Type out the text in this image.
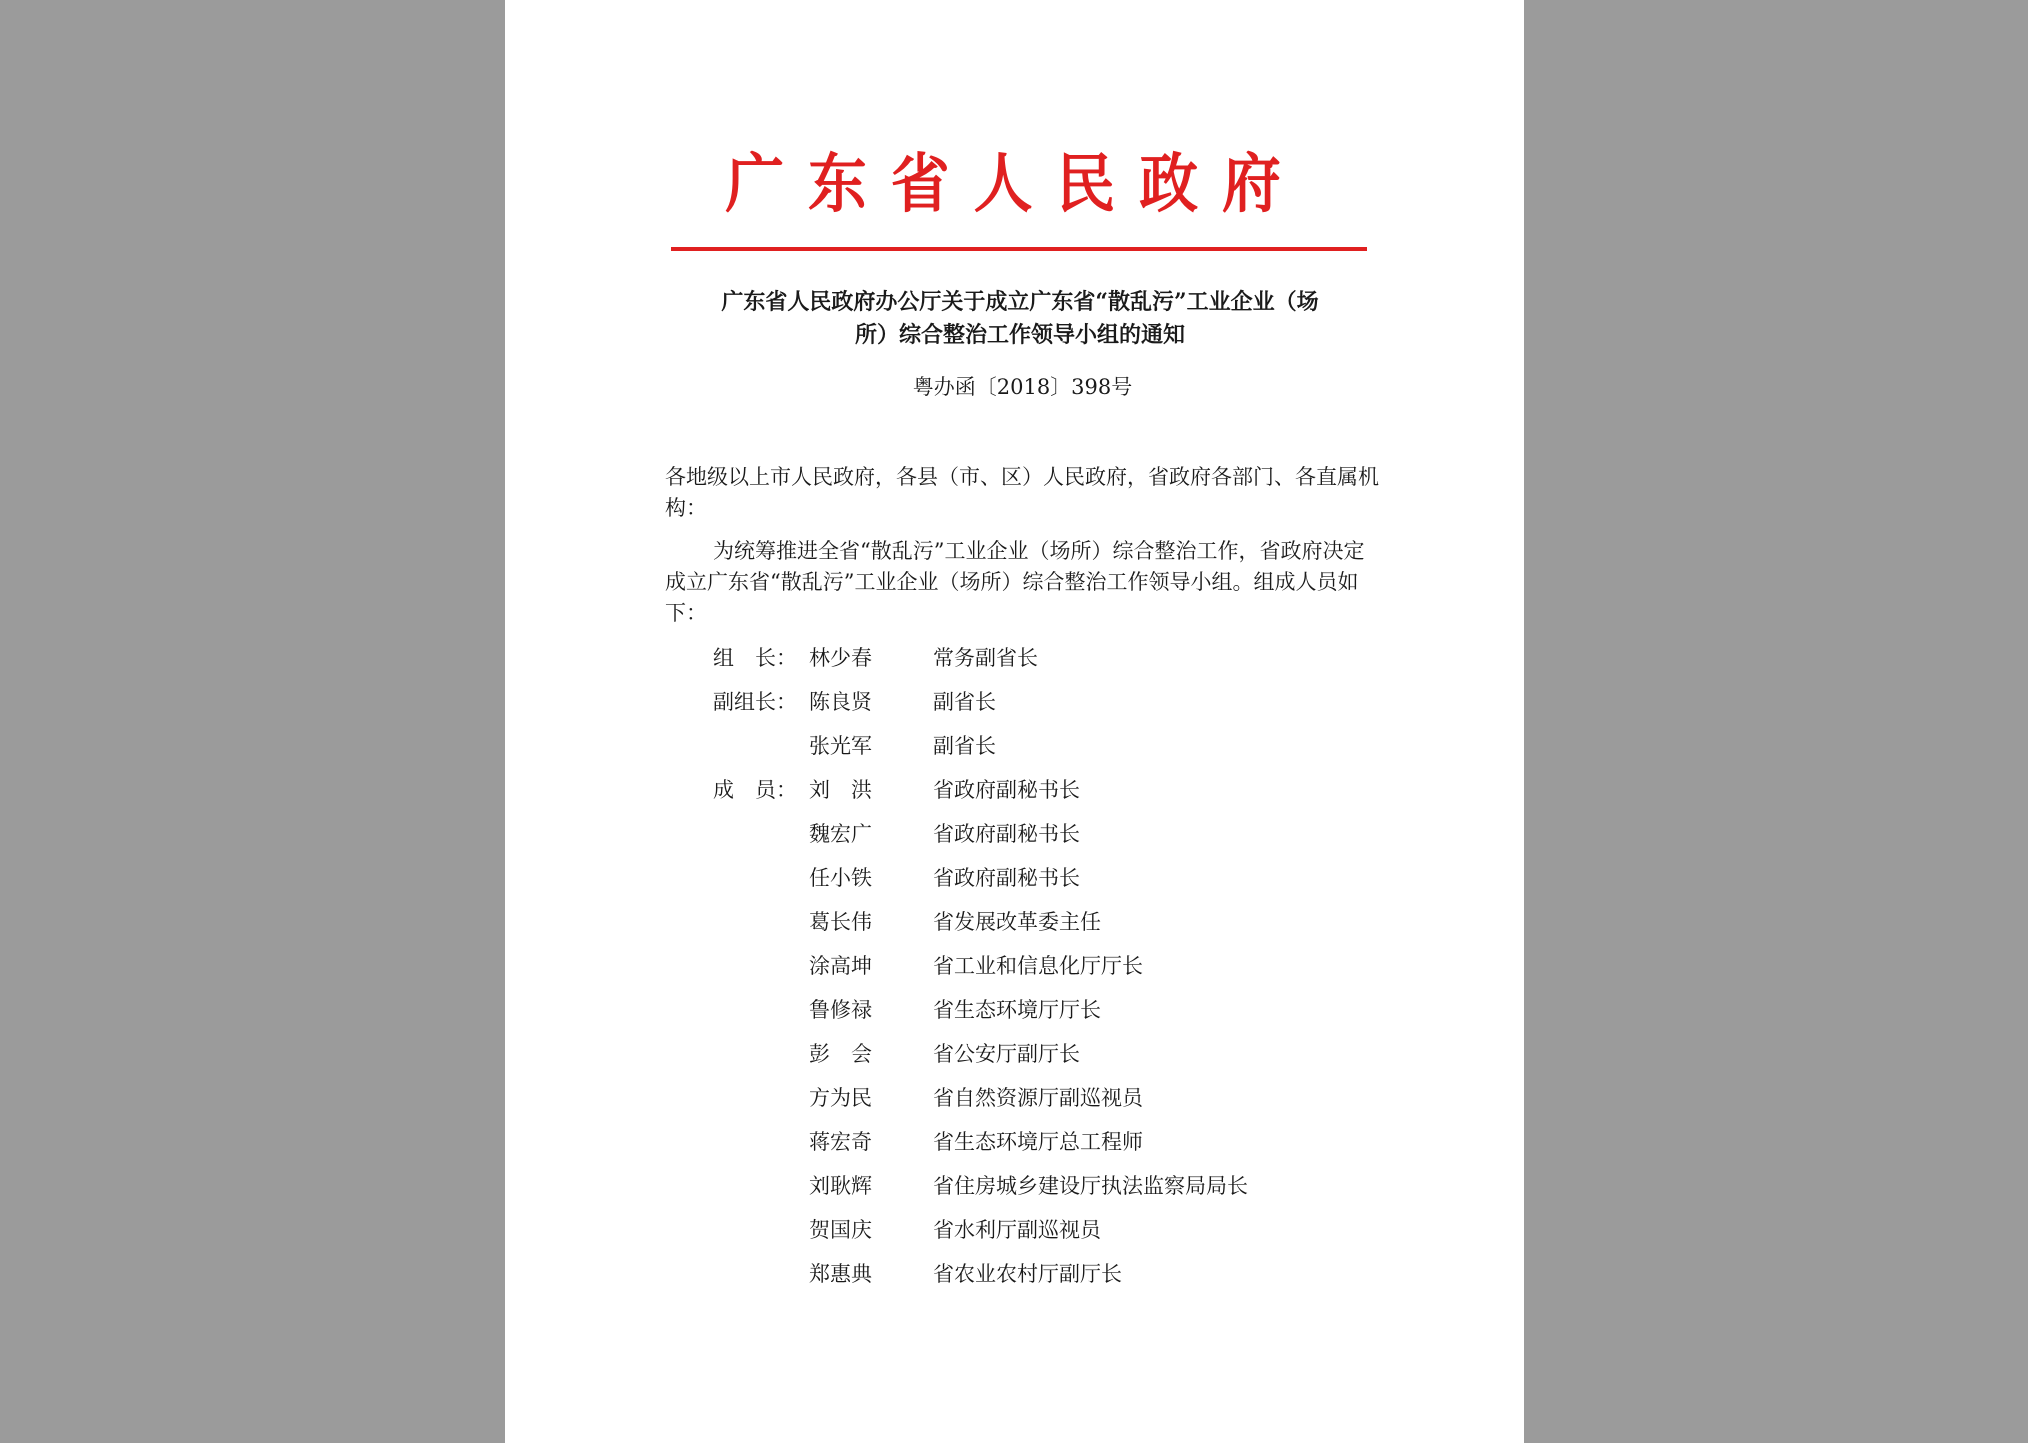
广东省人民政府
广东省人民政府办公厅关于成立广东省“散乱污”工业企业（场
所）综合整治工作领导小组的通知
粤办函〔2018〕398号
各地级以上市人民政府，各县（市、区）人民政府，省政府各部门、各直属机构：
为统筹推进全省“散乱污”工业企业（场所）综合整治工作，省政府决定成立广东省“散乱污”工业企业（场所）综合整治工作领导小组。组成人员如下：
组　长： 林少春	常务副省长
副组长： 陈良贤	副省长
张光军	副省长
成　员： 刘　洪	省政府副秘书长
魏宏广	省政府副秘书长
任小铁	省政府副秘书长
葛长伟	省发展改革委主任
涂高坤	省工业和信息化厅厅长
鲁修禄	省生态环境厅厅长
彭　会	省公安厅副厅长
方为民	省自然资源厅副巡视员
蒋宏奇	省生态环境厅总工程师
刘耿辉	省住房城乡建设厅执法监察局局长
贺国庆	省水利厅副巡视员
郑惠典	省农业农村厅副厅长
